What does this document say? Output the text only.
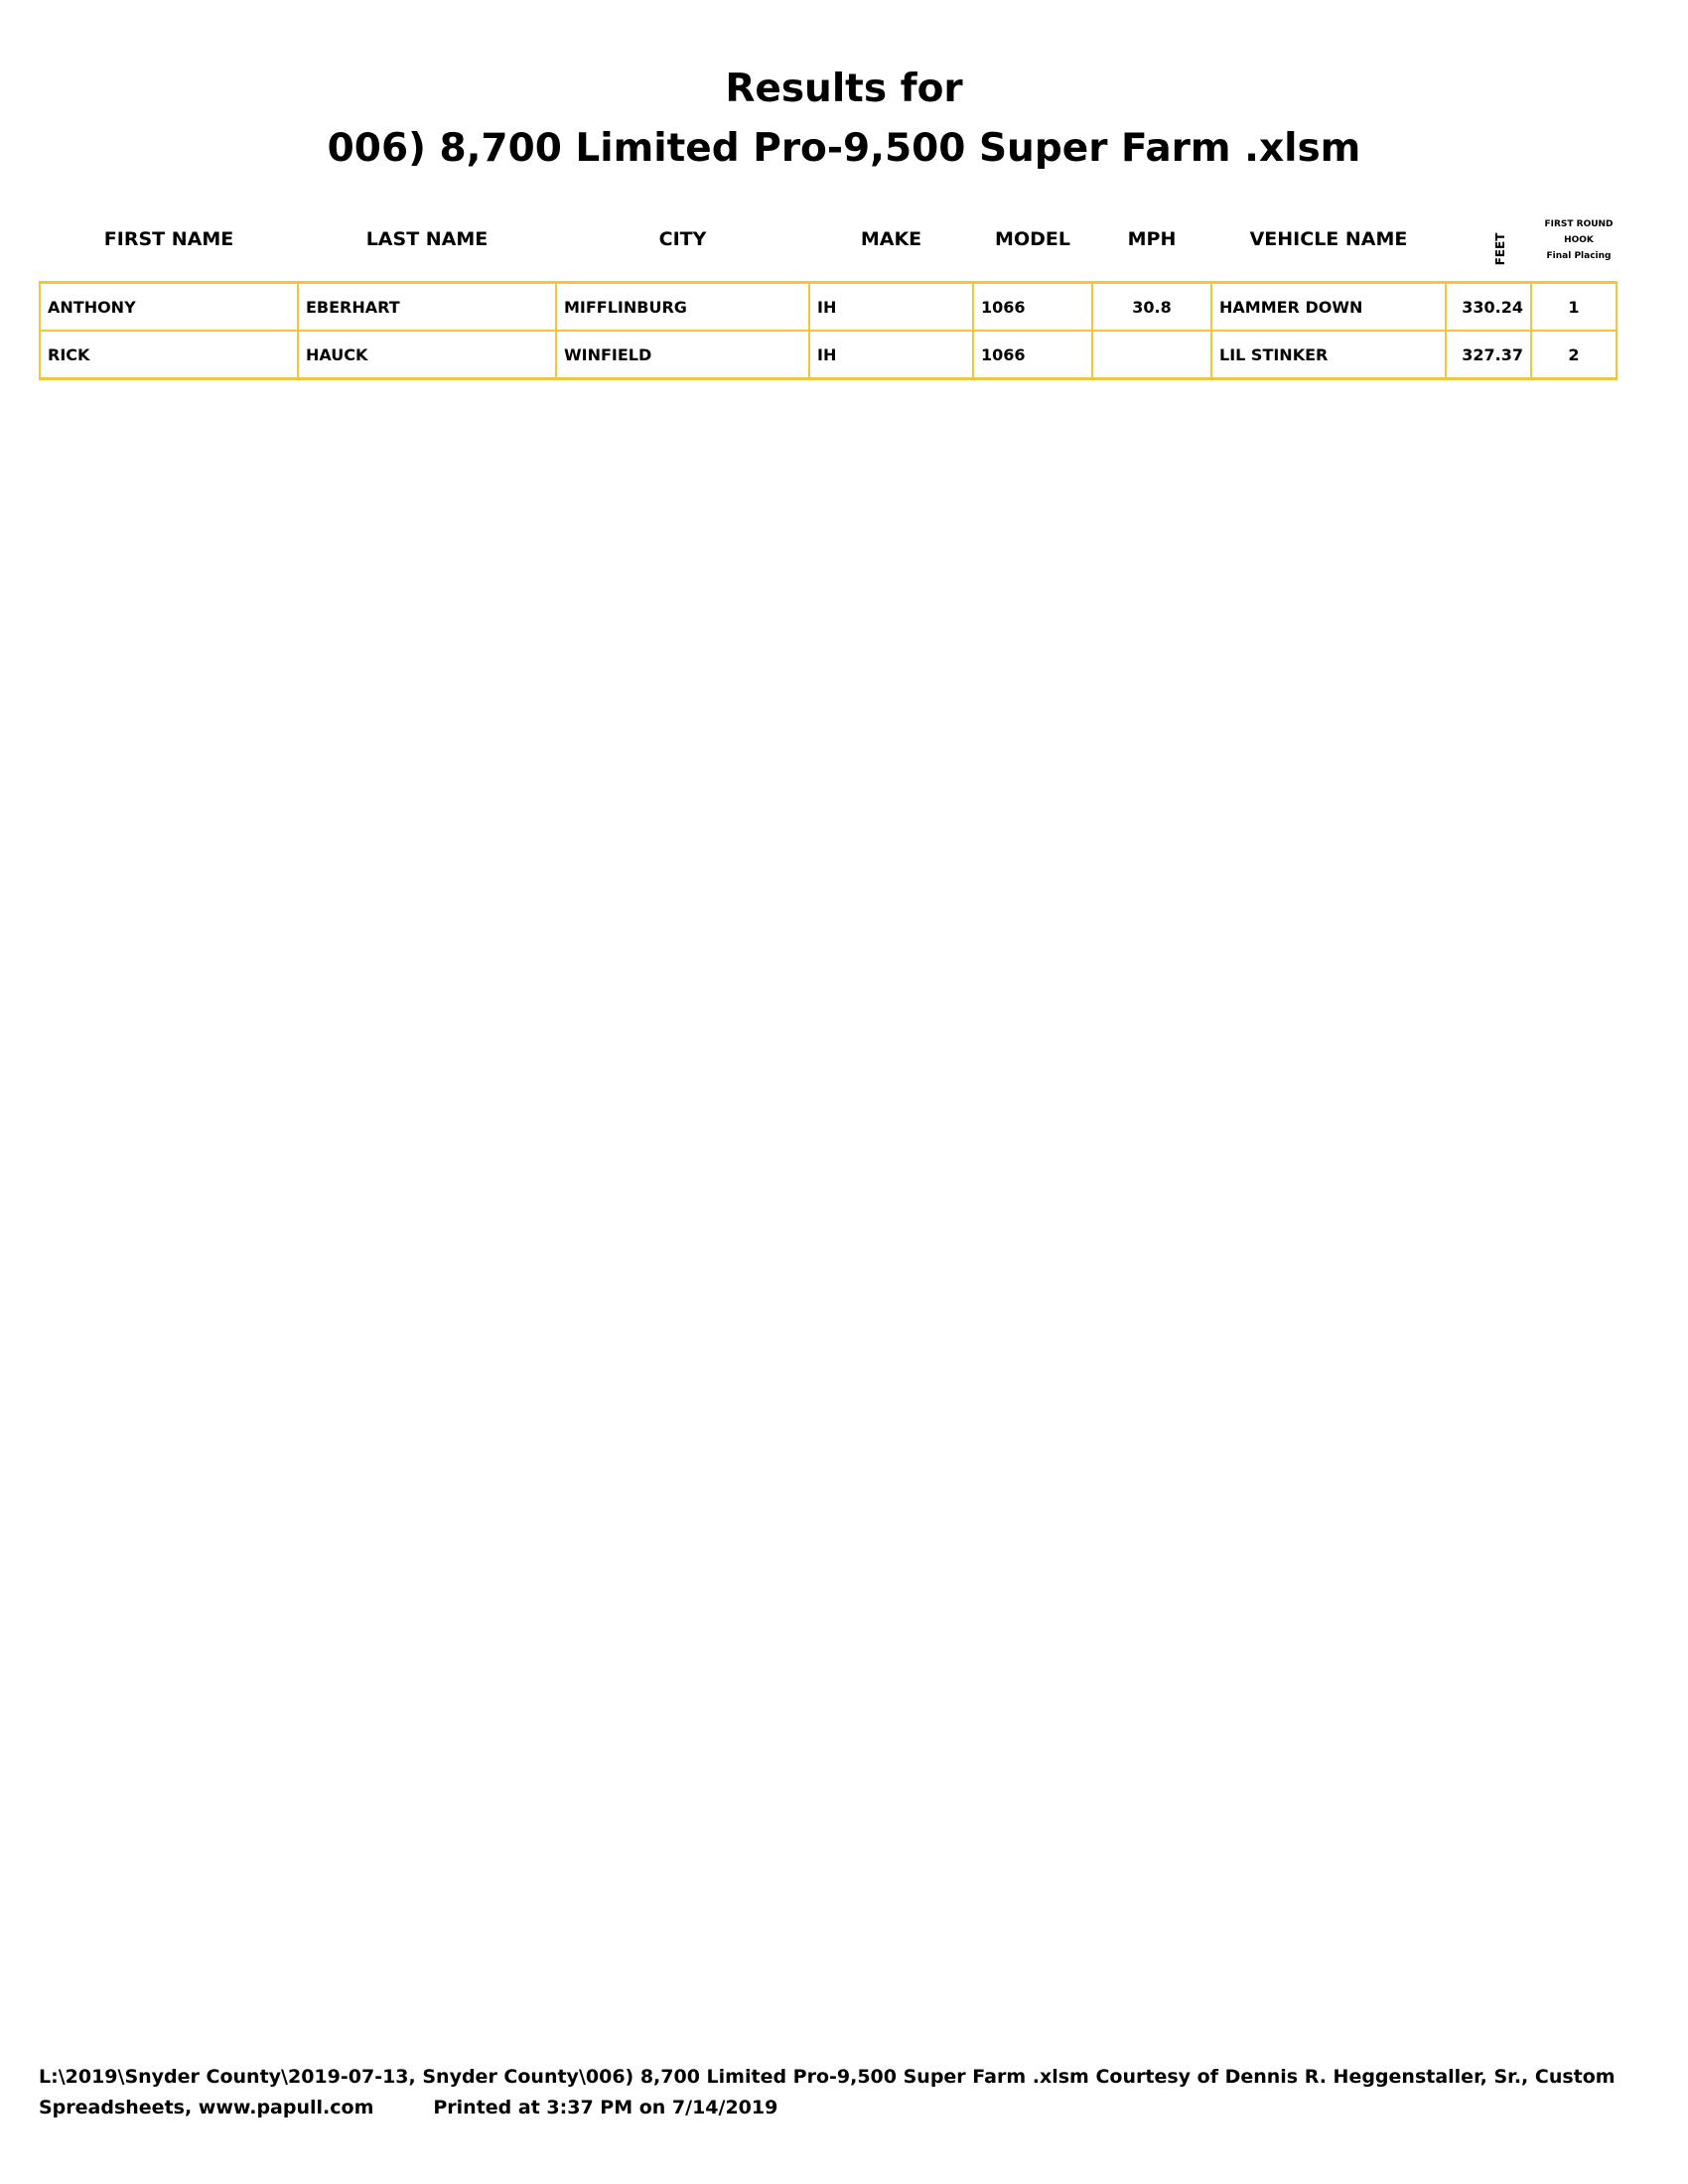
Results for
006) 8,700 Limited Pro-9,500 Super Farm .xlsm
FIRST NAME	LAST NAME	CITY	MAKE	MODEL	MPH	VEHICLE NAME	FEET
FIRST ROUND
HOOK
Final Placing
ANTHONY	EBERHART	MIFFLINBURG	IH	1066	30.8	HAMMER DOWN	330.24	1
RICK	HAUCK	WINFIELD	IH	1066		LIL STINKER	327.37	2
L:\2019\Snyder County\2019-07-13, Snyder County\006) 8,700 Limited Pro-9,500 Super Farm .xlsm Courtesy of Dennis R. Heggenstaller, Sr., Custom
Spreadsheets, www.papull.com	Printed at 3:37 PM on 7/14/2019
